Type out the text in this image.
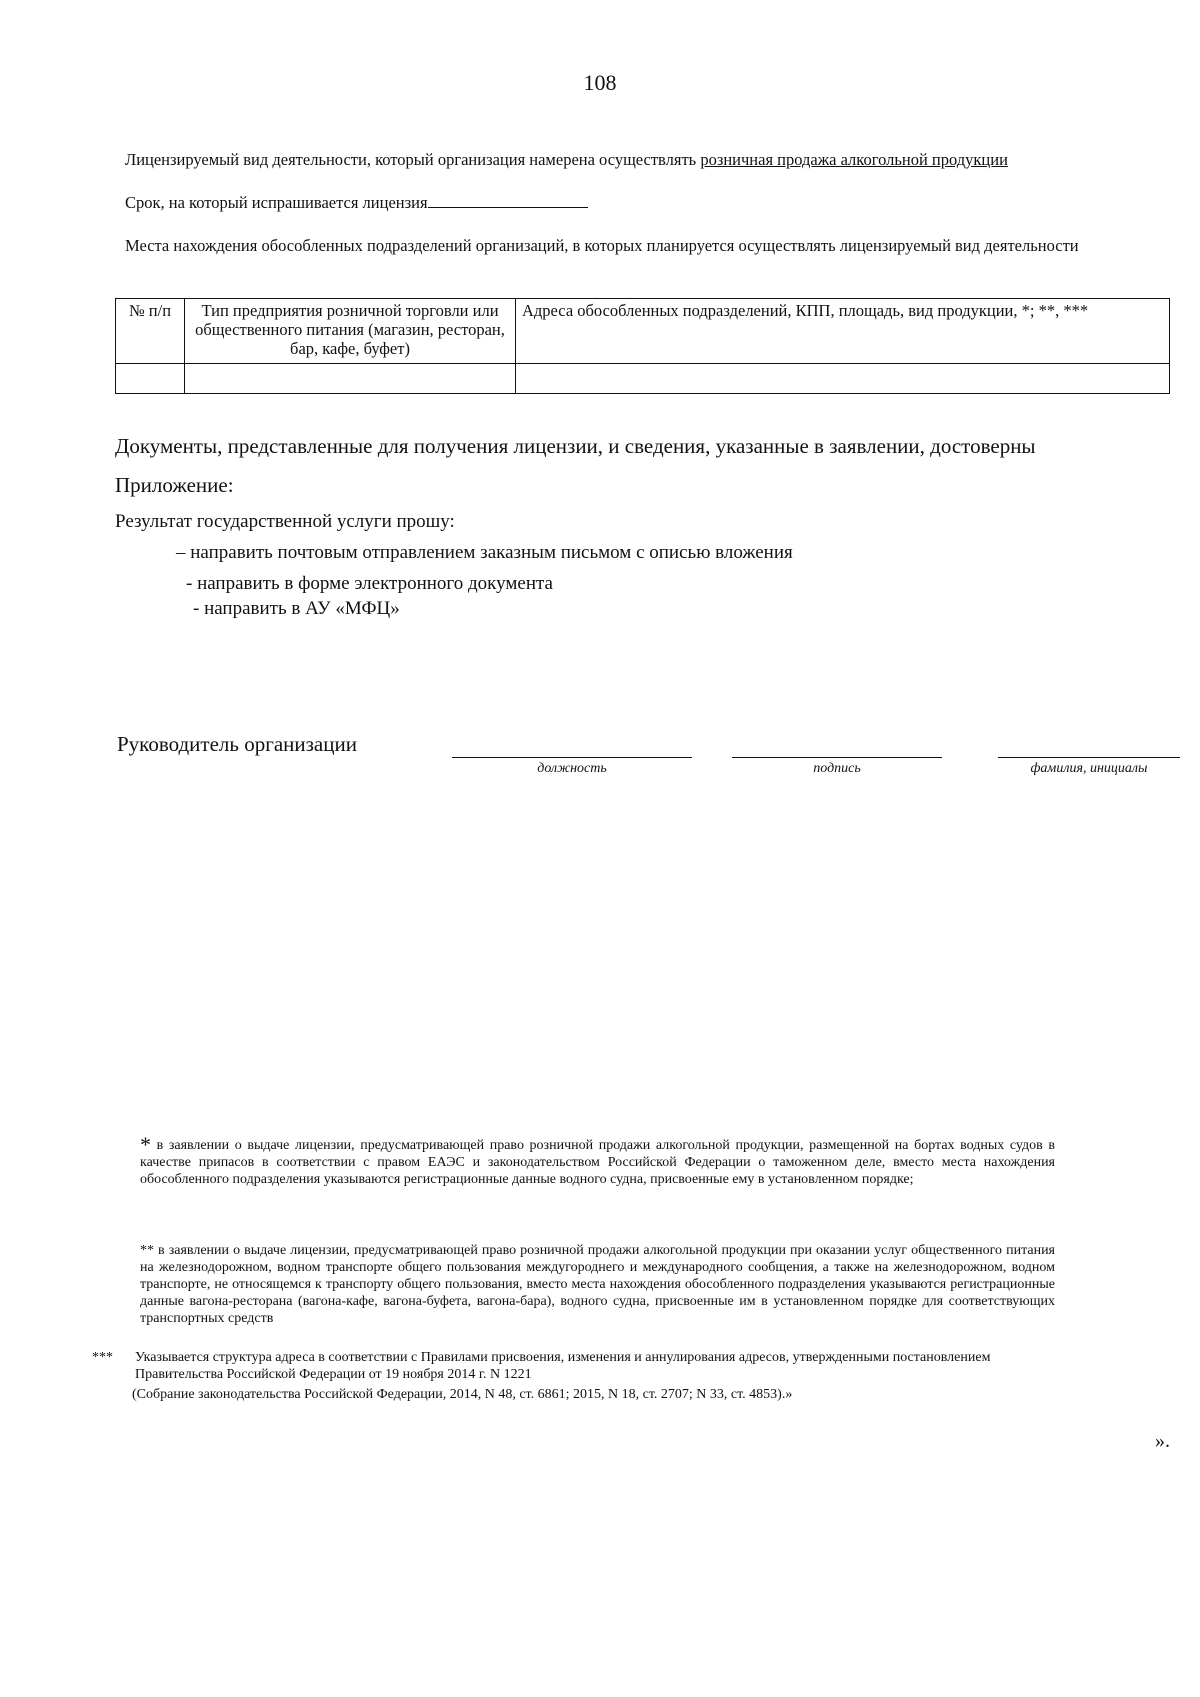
108

Лицензируемый вид деятельности, который организация намерена осуществлять розничная продажа алкогольной продукции

Срок, на который испрашивается лицензия

Места нахождения обособленных подразделений организаций, в которых планируется осуществлять лицензируемый вид деятельности

№ п/п	Тип предприятия розничной торговли или общественного питания (магазин, ресторан, бар, кафе, буфет)	Адреса обособленных подразделений, КПП, площадь, вид продукции, *; **, ***

Документы, представленные для получения лицензии, и сведения, указанные в заявлении, достоверны

Приложение:

Результат государственной услуги прошу:

– направить почтовым отправлением заказным письмом с описью вложения

- направить в форме электронного документа

- направить в АУ «МФЦ»

Руководитель организации

должность	подпись	фамилия, инициалы

* в заявлении о выдаче лицензии, предусматривающей право розничной продажи алкогольной продукции, размещенной на бортах водных судов в качестве припасов в соответствии с правом ЕАЭС и законодательством Российской Федерации о таможенном деле, вместо места нахождения обособленного подразделения указываются регистрационные данные водного судна, присвоенные ему в установленном порядке;

** в заявлении о выдаче лицензии, предусматривающей право розничной продажи алкогольной продукции при оказании услуг общественного питания на железнодорожном, водном транспорте общего пользования междугороднего и международного сообщения, а также на железнодорожном, водном транспорте, не относящемся к транспорту общего пользования, вместо места нахождения обособленного подразделения указываются регистрационные данные вагона-ресторана (вагона-кафе, вагона-буфета, вагона-бара), водного судна, присвоенные им в установленном порядке для соответствующих транспортных средств

***	Указывается структура адреса в соответствии с Правилами присвоения, изменения и аннулирования адресов, утвержденными постановлением Правительства Российской Федерации от 19 ноября 2014 г. N 1221

(Собрание законодательства Российской Федерации, 2014, N 48, ст. 6861; 2015, N 18, ст. 2707; N 33, ст. 4853).»

».
